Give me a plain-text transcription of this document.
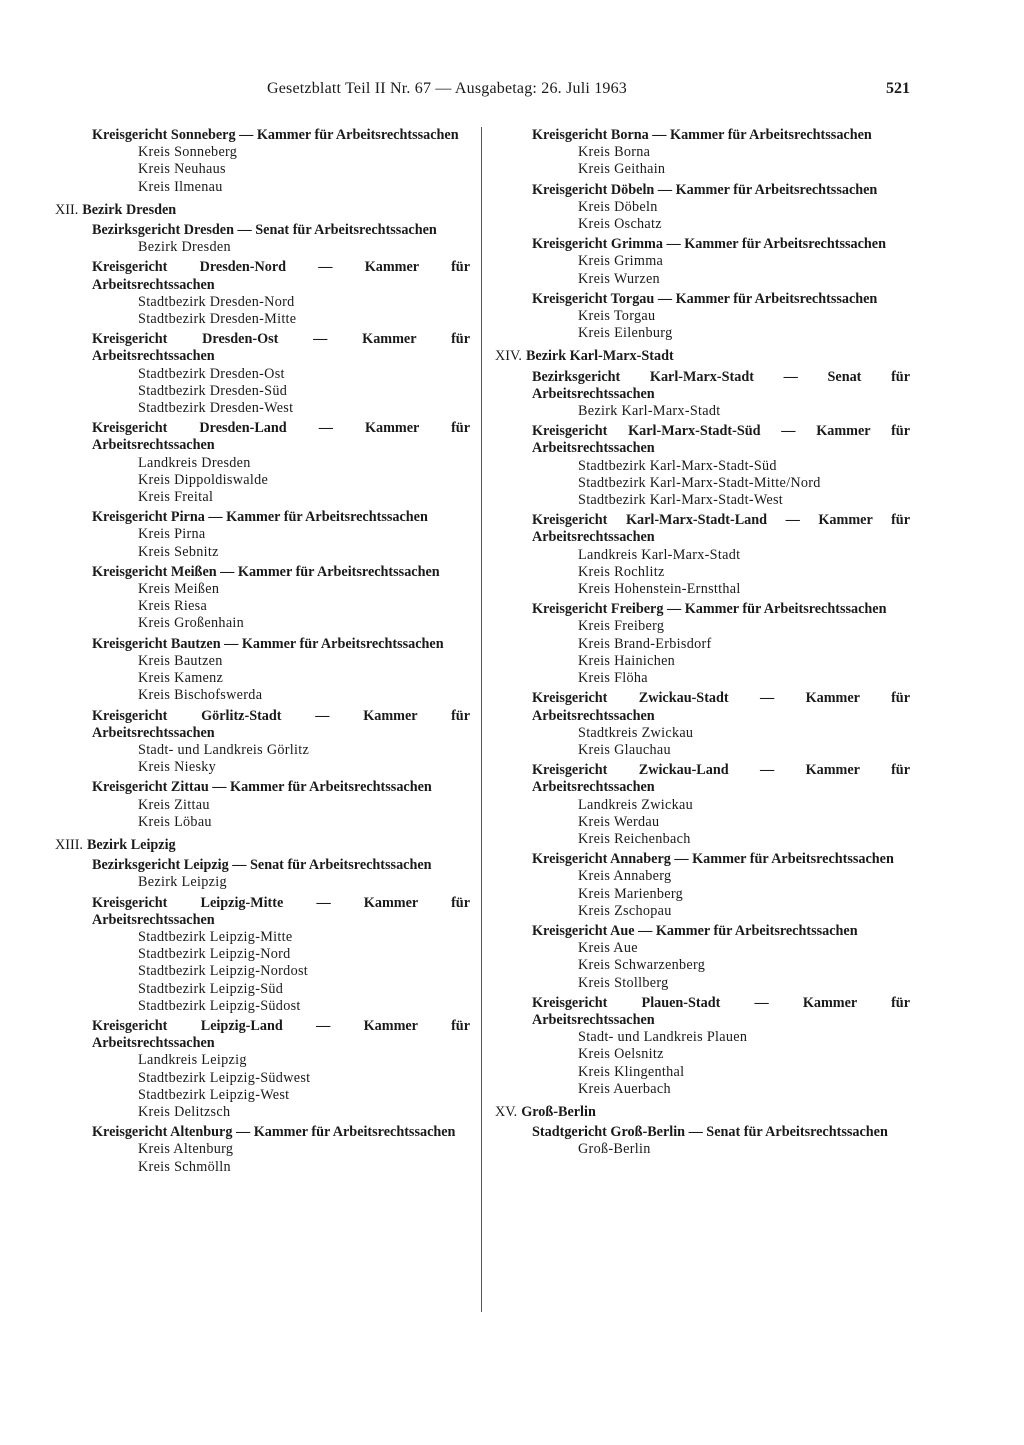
Gesetzblatt Teil II Nr. 67 — Ausgabetag: 26. Juli 1963	521
Kreisgericht Sonneberg — Kammer für Arbeitsrechtssachen
Kreis Sonneberg
Kreis Neuhaus
Kreis Ilmenau
XII. Bezirk Dresden
Bezirksgericht Dresden — Senat für Arbeitsrechtssachen
Bezirk Dresden
Kreisgericht Dresden-Nord — Kammer für Arbeitsrechtssachen
Stadtbezirk Dresden-Nord
Stadtbezirk Dresden-Mitte
Kreisgericht Dresden-Ost — Kammer für Arbeitsrechtssachen
Stadtbezirk Dresden-Ost
Stadtbezirk Dresden-Süd
Stadtbezirk Dresden-West
Kreisgericht Dresden-Land — Kammer für Arbeitsrechtssachen
Landkreis Dresden
Kreis Dippoldiswalde
Kreis Freital
Kreisgericht Pirna — Kammer für Arbeitsrechtssachen
Kreis Pirna
Kreis Sebnitz
Kreisgericht Meißen — Kammer für Arbeitsrechtssachen
Kreis Meißen
Kreis Riesa
Kreis Großenhain
Kreisgericht Bautzen — Kammer für Arbeitsrechtssachen
Kreis Bautzen
Kreis Kamenz
Kreis Bischofswerda
Kreisgericht Görlitz-Stadt — Kammer für Arbeitsrechtssachen
Stadt- und Landkreis Görlitz
Kreis Niesky
Kreisgericht Zittau — Kammer für Arbeitsrechtssachen
Kreis Zittau
Kreis Löbau
XIII. Bezirk Leipzig
Bezirksgericht Leipzig — Senat für Arbeitsrechtssachen
Bezirk Leipzig
Kreisgericht Leipzig-Mitte — Kammer für Arbeitsrechtssachen
Stadtbezirk Leipzig-Mitte
Stadtbezirk Leipzig-Nord
Stadtbezirk Leipzig-Nordost
Stadtbezirk Leipzig-Süd
Stadtbezirk Leipzig-Südost
Kreisgericht Leipzig-Land — Kammer für Arbeitsrechtssachen
Landkreis Leipzig
Stadtbezirk Leipzig-Südwest
Stadtbezirk Leipzig-West
Kreis Delitzsch
Kreisgericht Altenburg — Kammer für Arbeitsrechtssachen
Kreis Altenburg
Kreis Schmölln
Kreisgericht Borna — Kammer für Arbeitsrechtssachen
Kreis Borna
Kreis Geithain
Kreisgericht Döbeln — Kammer für Arbeitsrechtssachen
Kreis Döbeln
Kreis Oschatz
Kreisgericht Grimma — Kammer für Arbeitsrechtssachen
Kreis Grimma
Kreis Wurzen
Kreisgericht Torgau — Kammer für Arbeitsrechtssachen
Kreis Torgau
Kreis Eilenburg
XIV. Bezirk Karl-Marx-Stadt
Bezirksgericht Karl-Marx-Stadt — Senat für Arbeitsrechtssachen
Bezirk Karl-Marx-Stadt
Kreisgericht Karl-Marx-Stadt-Süd — Kammer für Arbeitsrechtssachen
Stadtbezirk Karl-Marx-Stadt-Süd
Stadtbezirk Karl-Marx-Stadt-Mitte/Nord
Stadtbezirk Karl-Marx-Stadt-West
Kreisgericht Karl-Marx-Stadt-Land — Kammer für Arbeitsrechtssachen
Landkreis Karl-Marx-Stadt
Kreis Rochlitz
Kreis Hohenstein-Ernstthal
Kreisgericht Freiberg — Kammer für Arbeitsrechtssachen
Kreis Freiberg
Kreis Brand-Erbisdorf
Kreis Hainichen
Kreis Flöha
Kreisgericht Zwickau-Stadt — Kammer für Arbeitsrechtssachen
Stadtkreis Zwickau
Kreis Glauchau
Kreisgericht Zwickau-Land — Kammer für Arbeitsrechtssachen
Landkreis Zwickau
Kreis Werdau
Kreis Reichenbach
Kreisgericht Annaberg — Kammer für Arbeitsrechtssachen
Kreis Annaberg
Kreis Marienberg
Kreis Zschopau
Kreisgericht Aue — Kammer für Arbeitsrechtssachen
Kreis Aue
Kreis Schwarzenberg
Kreis Stollberg
Kreisgericht Plauen-Stadt — Kammer für Arbeitsrechtssachen
Stadt- und Landkreis Plauen
Kreis Oelsnitz
Kreis Klingenthal
Kreis Auerbach
XV. Groß-Berlin
Stadtgericht Groß-Berlin — Senat für Arbeitsrechtssachen
Groß-Berlin
